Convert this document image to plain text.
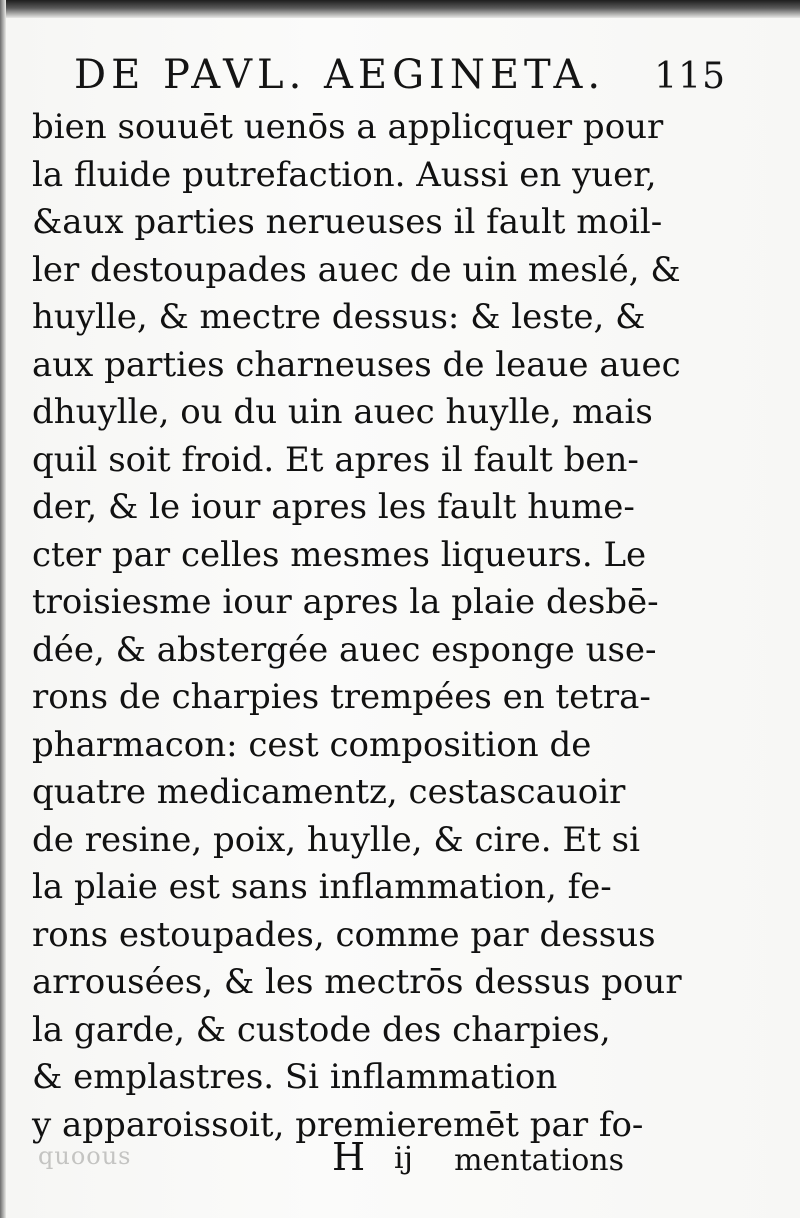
DE PAVL. AEGINETA. 115
bien souuēt uenōs a applicquer pour
la fluide putrefaction. Aussi en yuer,
&aux parties nerueuses il fault moil-
ler destoupades auec de uin meslé, &
huylle, & mectre dessus: & leste, &
aux parties charneuses de leaue auec
dhuylle, ou du uin auec huylle, mais
quil soit froid. Et apres il fault ben-
der, & le iour apres les fault hume-
cter par celles mesmes liqueurs. Le
troisiesme iour apres la plaie desbē-
dée, & abstergée auec esponge use-
rons de charpies trempées en tetra-
pharmacon: cest composition de
quatre medicamentz, cestascauoir
de resine, poix, huylle, & cire. Et si
la plaie est sans inflammation, fe-
rons estoupades, comme par dessus
arrousées, & les mectrōs dessus pour
la garde, & custode des charpies,
& emplastres. Si inflammation
y apparoissoit, premieremēt par fo-
quoous	H ij mentations
